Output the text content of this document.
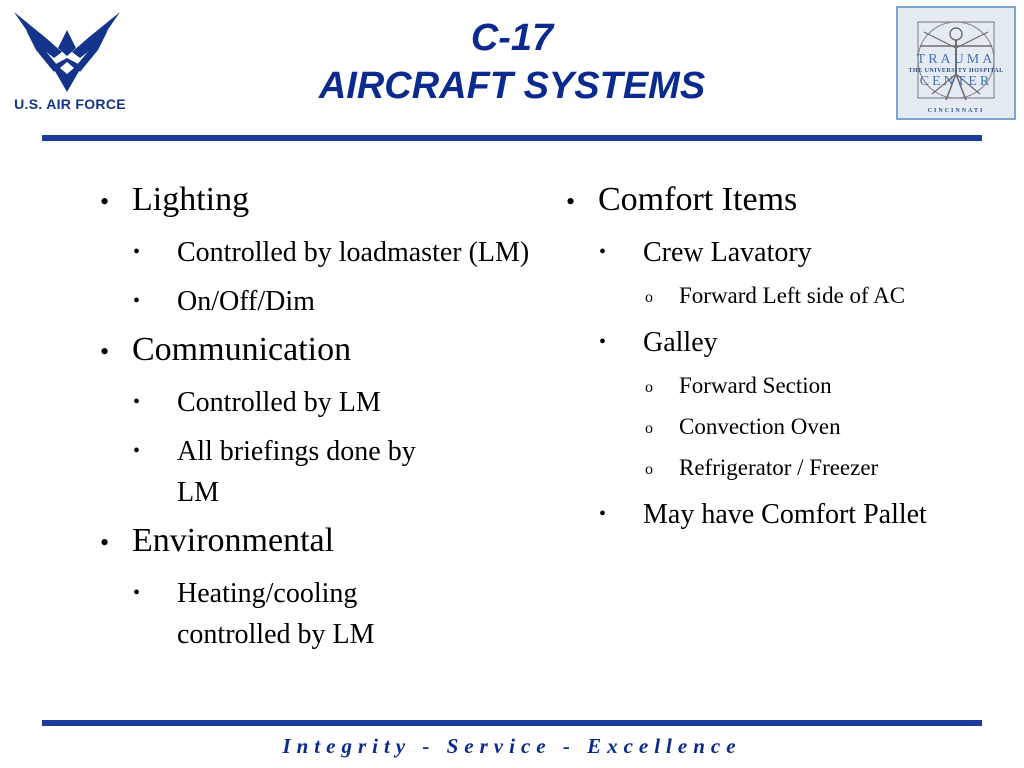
U.S. AIR FORCE
C-17
AIRCRAFT SYSTEMS
TRAUMA
THE UNIVERSITY HOSPITAL
CENTER
CINCINNATI
• Lighting
• Controlled by loadmaster (LM)
• On/Off/Dim
• Communication
• Controlled by LM
• All briefings done by LM
• Environmental
• Heating/cooling controlled by LM
• Comfort Items
• Crew Lavatory
o Forward Left side of AC
• Galley
o Forward Section
o Convection Oven
o Refrigerator / Freezer
• May have Comfort Pallet
Integrity - Service - Excellence
